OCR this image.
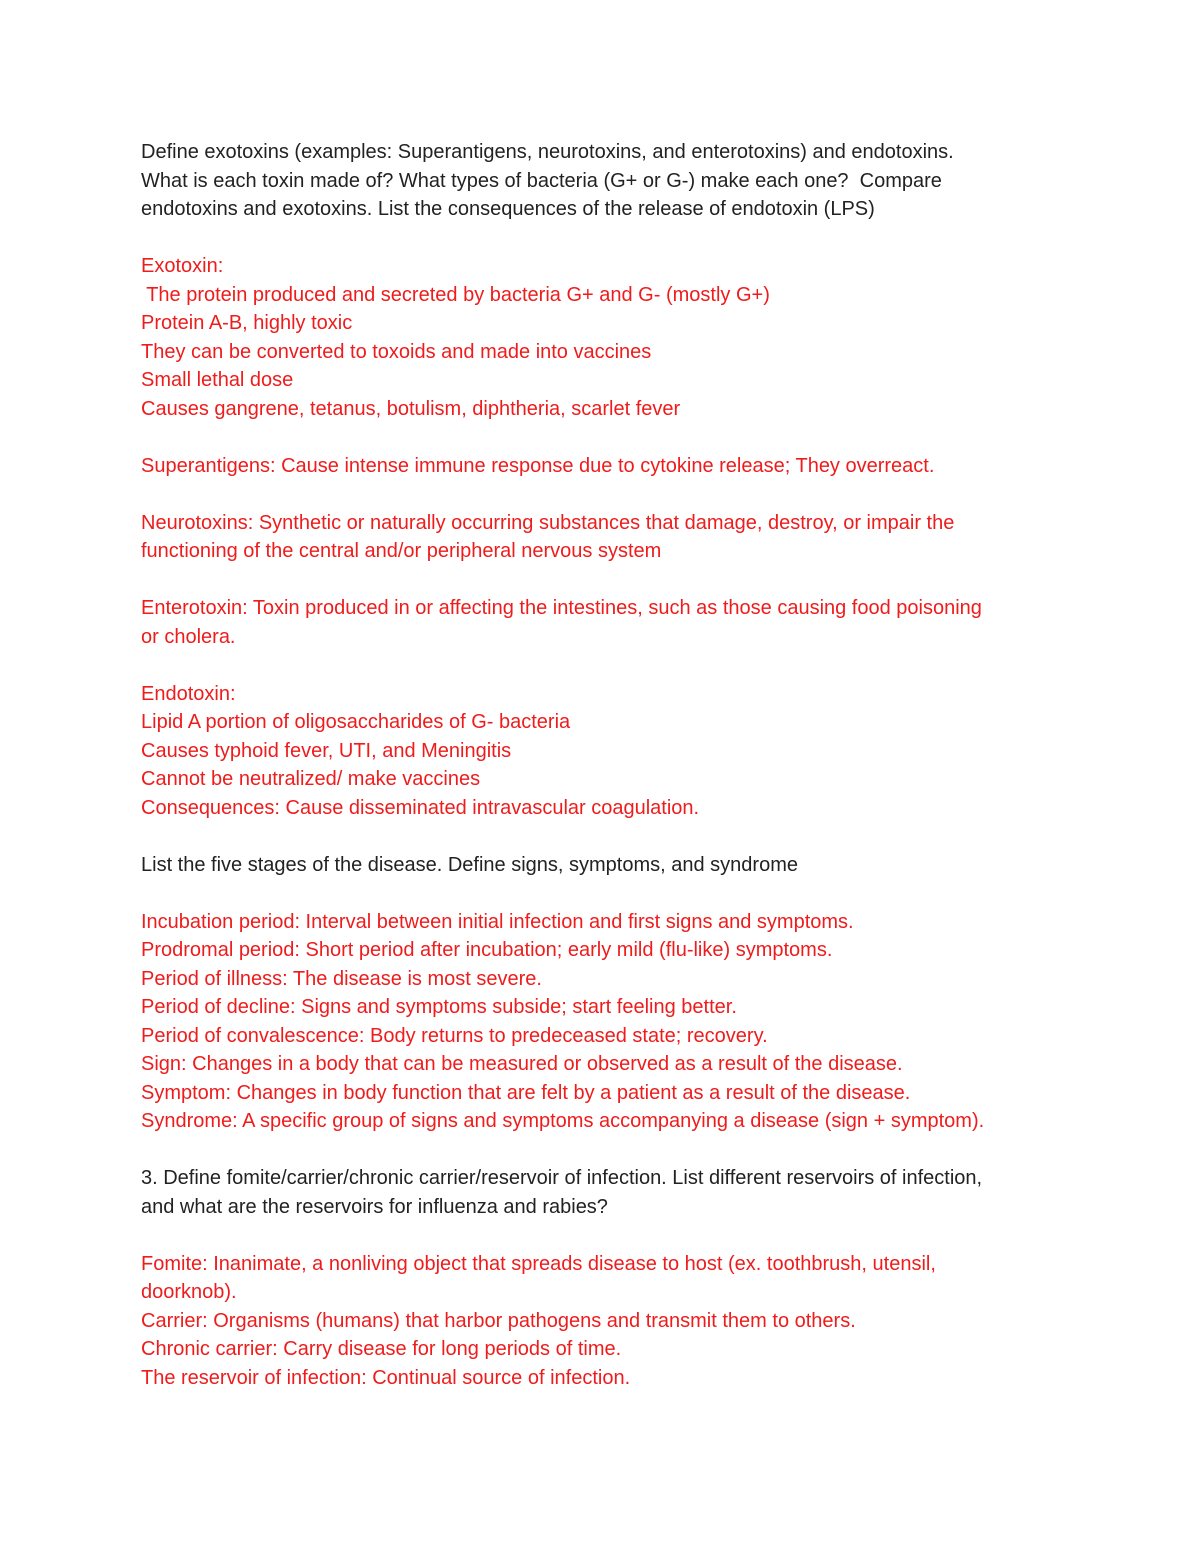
Define exotoxins (examples: Superantigens, neurotoxins, and enterotoxins) and endotoxins.
What is each toxin made of? What types of bacteria (G+ or G-) make each one?  Compare
endotoxins and exotoxins. List the consequences of the release of endotoxin (LPS)
Exotoxin:
The protein produced and secreted by bacteria G+ and G- (mostly G+)
Protein A-B, highly toxic
They can be converted to toxoids and made into vaccines
Small lethal dose
Causes gangrene, tetanus, botulism, diphtheria, scarlet fever
Superantigens: Cause intense immune response due to cytokine release; They overreact.
Neurotoxins: Synthetic or naturally occurring substances that damage, destroy, or impair the
functioning of the central and/or peripheral nervous system
Enterotoxin: Toxin produced in or affecting the intestines, such as those causing food poisoning
or cholera.
Endotoxin:
Lipid A portion of oligosaccharides of G- bacteria
Causes typhoid fever, UTI, and Meningitis
Cannot be neutralized/ make vaccines
Consequences: Cause disseminated intravascular coagulation.
List the five stages of the disease. Define signs, symptoms, and syndrome
Incubation period: Interval between initial infection and first signs and symptoms.
Prodromal period: Short period after incubation; early mild (flu-like) symptoms.
Period of illness: The disease is most severe.
Period of decline: Signs and symptoms subside; start feeling better.
Period of convalescence: Body returns to predeceased state; recovery.
Sign: Changes in a body that can be measured or observed as a result of the disease.
Symptom: Changes in body function that are felt by a patient as a result of the disease.
Syndrome: A specific group of signs and symptoms accompanying a disease (sign + symptom).
3. Define fomite/carrier/chronic carrier/reservoir of infection. List different reservoirs of infection,
and what are the reservoirs for influenza and rabies?
Fomite: Inanimate, a nonliving object that spreads disease to host (ex. toothbrush, utensil,
doorknob).
Carrier: Organisms (humans) that harbor pathogens and transmit them to others.
Chronic carrier: Carry disease for long periods of time.
The reservoir of infection: Continual source of infection.
